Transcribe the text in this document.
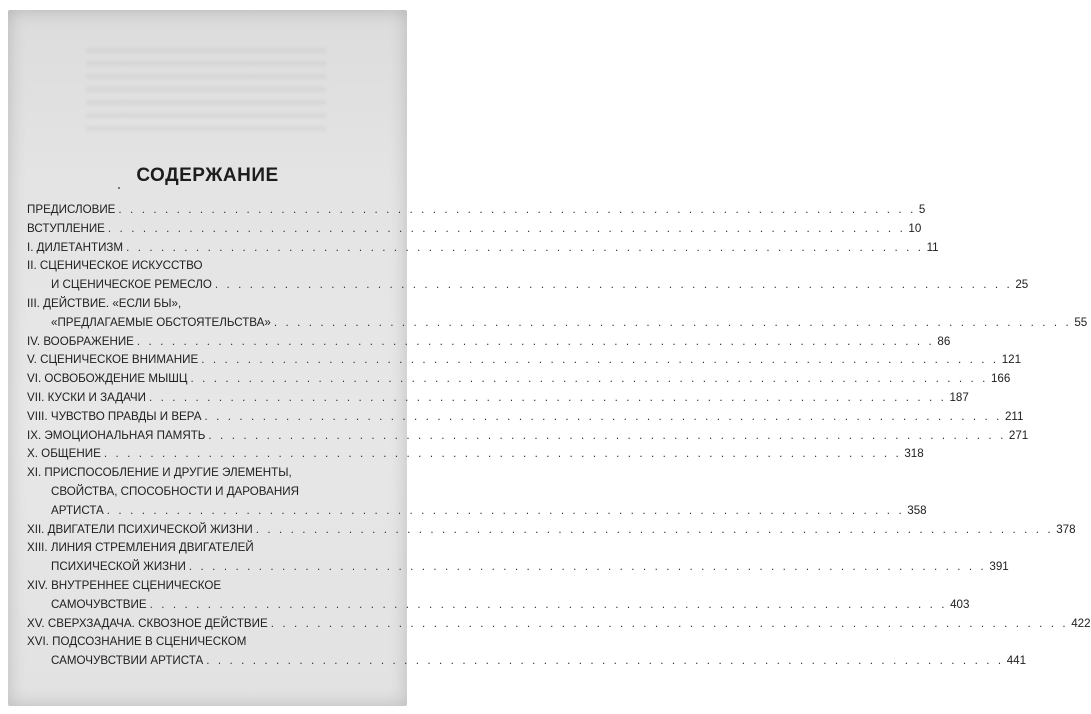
СОДЕРЖАНИЕ
ПРЕДИСЛОВИЕ . . . . . . . . . . . . . . . . . . . . . . . . . . . . . . . . . . . . . . . . . . . . . . . . . . . . . . . . . . . . . . . . . . . . . 5
ВСТУПЛЕНИЕ . . . . . . . . . . . . . . . . . . . . . . . . . . . . . . . . . . . . . . . . . . . . . . . . . . . . . . . . . . . . . . . . . . . . . 10
I. ДИЛЕТАНТИЗМ . . . . . . . . . . . . . . . . . . . . . . . . . . . . . . . . . . . . . . . . . . . . . . . . . . . . . . . . . . . . . . . . . . . . . 11
II. СЦЕНИЧЕСКОЕ ИСКУССТВО
И СЦЕНИЧЕСКОЕ РЕМЕСЛО . . . . . . . . . . . . . . . . . . . . . . . . . . . . . . . . . . . . . . . . . . . . . . . . . . . . . . . . . . . . . . . . . . . . . 25
III. ДЕЙСТВИЕ. «ЕСЛИ БЫ»,
«ПРЕДЛАГАЕМЫЕ ОБСТОЯТЕЛЬСТВА» . . . . . . . . . . . . . . . . . . . . . . . . . . . . . . . . . . . . . . . . . . . . . . . . . . . . . . . . . . . . . . . . . . . . . 55
IV. ВООБРАЖЕНИЕ . . . . . . . . . . . . . . . . . . . . . . . . . . . . . . . . . . . . . . . . . . . . . . . . . . . . . . . . . . . . . . . . . . . . . 86
V. СЦЕНИЧЕСКОЕ ВНИМАНИЕ . . . . . . . . . . . . . . . . . . . . . . . . . . . . . . . . . . . . . . . . . . . . . . . . . . . . . . . . . . . . . . . . . . . . . 121
VI. ОСВОБОЖДЕНИЕ МЫШЦ . . . . . . . . . . . . . . . . . . . . . . . . . . . . . . . . . . . . . . . . . . . . . . . . . . . . . . . . . . . . . . . . . . . . . 166
VII. КУСКИ И ЗАДАЧИ . . . . . . . . . . . . . . . . . . . . . . . . . . . . . . . . . . . . . . . . . . . . . . . . . . . . . . . . . . . . . . . . . . . . . 187
VIII. ЧУВСТВО ПРАВДЫ И ВЕРА . . . . . . . . . . . . . . . . . . . . . . . . . . . . . . . . . . . . . . . . . . . . . . . . . . . . . . . . . . . . . . . . . . . . . 211
IX. ЭМОЦИОНАЛЬНАЯ ПАМЯТЬ . . . . . . . . . . . . . . . . . . . . . . . . . . . . . . . . . . . . . . . . . . . . . . . . . . . . . . . . . . . . . . . . . . . . . 271
X. ОБЩЕНИЕ . . . . . . . . . . . . . . . . . . . . . . . . . . . . . . . . . . . . . . . . . . . . . . . . . . . . . . . . . . . . . . . . . . . . . 318
XI. ПРИСПОСОБЛЕНИЕ И ДРУГИЕ ЭЛЕМЕНТЫ,
СВОЙСТВА, СПОСОБНОСТИ И ДАРОВАНИЯ
АРТИСТА . . . . . . . . . . . . . . . . . . . . . . . . . . . . . . . . . . . . . . . . . . . . . . . . . . . . . . . . . . . . . . . . . . . . . 358
XII. ДВИГАТЕЛИ ПСИХИЧЕСКОЙ ЖИЗНИ . . . . . . . . . . . . . . . . . . . . . . . . . . . . . . . . . . . . . . . . . . . . . . . . . . . . . . . . . . . . . . . . . . . . . 378
XIII. ЛИНИЯ СТРЕМЛЕНИЯ ДВИГАТЕЛЕЙ
ПСИХИЧЕСКОЙ ЖИЗНИ . . . . . . . . . . . . . . . . . . . . . . . . . . . . . . . . . . . . . . . . . . . . . . . . . . . . . . . . . . . . . . . . . . . . . 391
XIV. ВНУТРЕННЕЕ СЦЕНИЧЕСКОЕ
САМОЧУВСТВИЕ . . . . . . . . . . . . . . . . . . . . . . . . . . . . . . . . . . . . . . . . . . . . . . . . . . . . . . . . . . . . . . . . . . . . . 403
XV. СВЕРХЗАДАЧА. СКВОЗНОЕ ДЕЙСТВИЕ . . . . . . . . . . . . . . . . . . . . . . . . . . . . . . . . . . . . . . . . . . . . . . . . . . . . . . . . . . . . . . . . . . . . . 422
XVI. ПОДСОЗНАНИЕ В СЦЕНИЧЕСКОМ
САМОЧУВСТВИИ АРТИСТА . . . . . . . . . . . . . . . . . . . . . . . . . . . . . . . . . . . . . . . . . . . . . . . . . . . . . . . . . . . . . . . . . . . . . 441
